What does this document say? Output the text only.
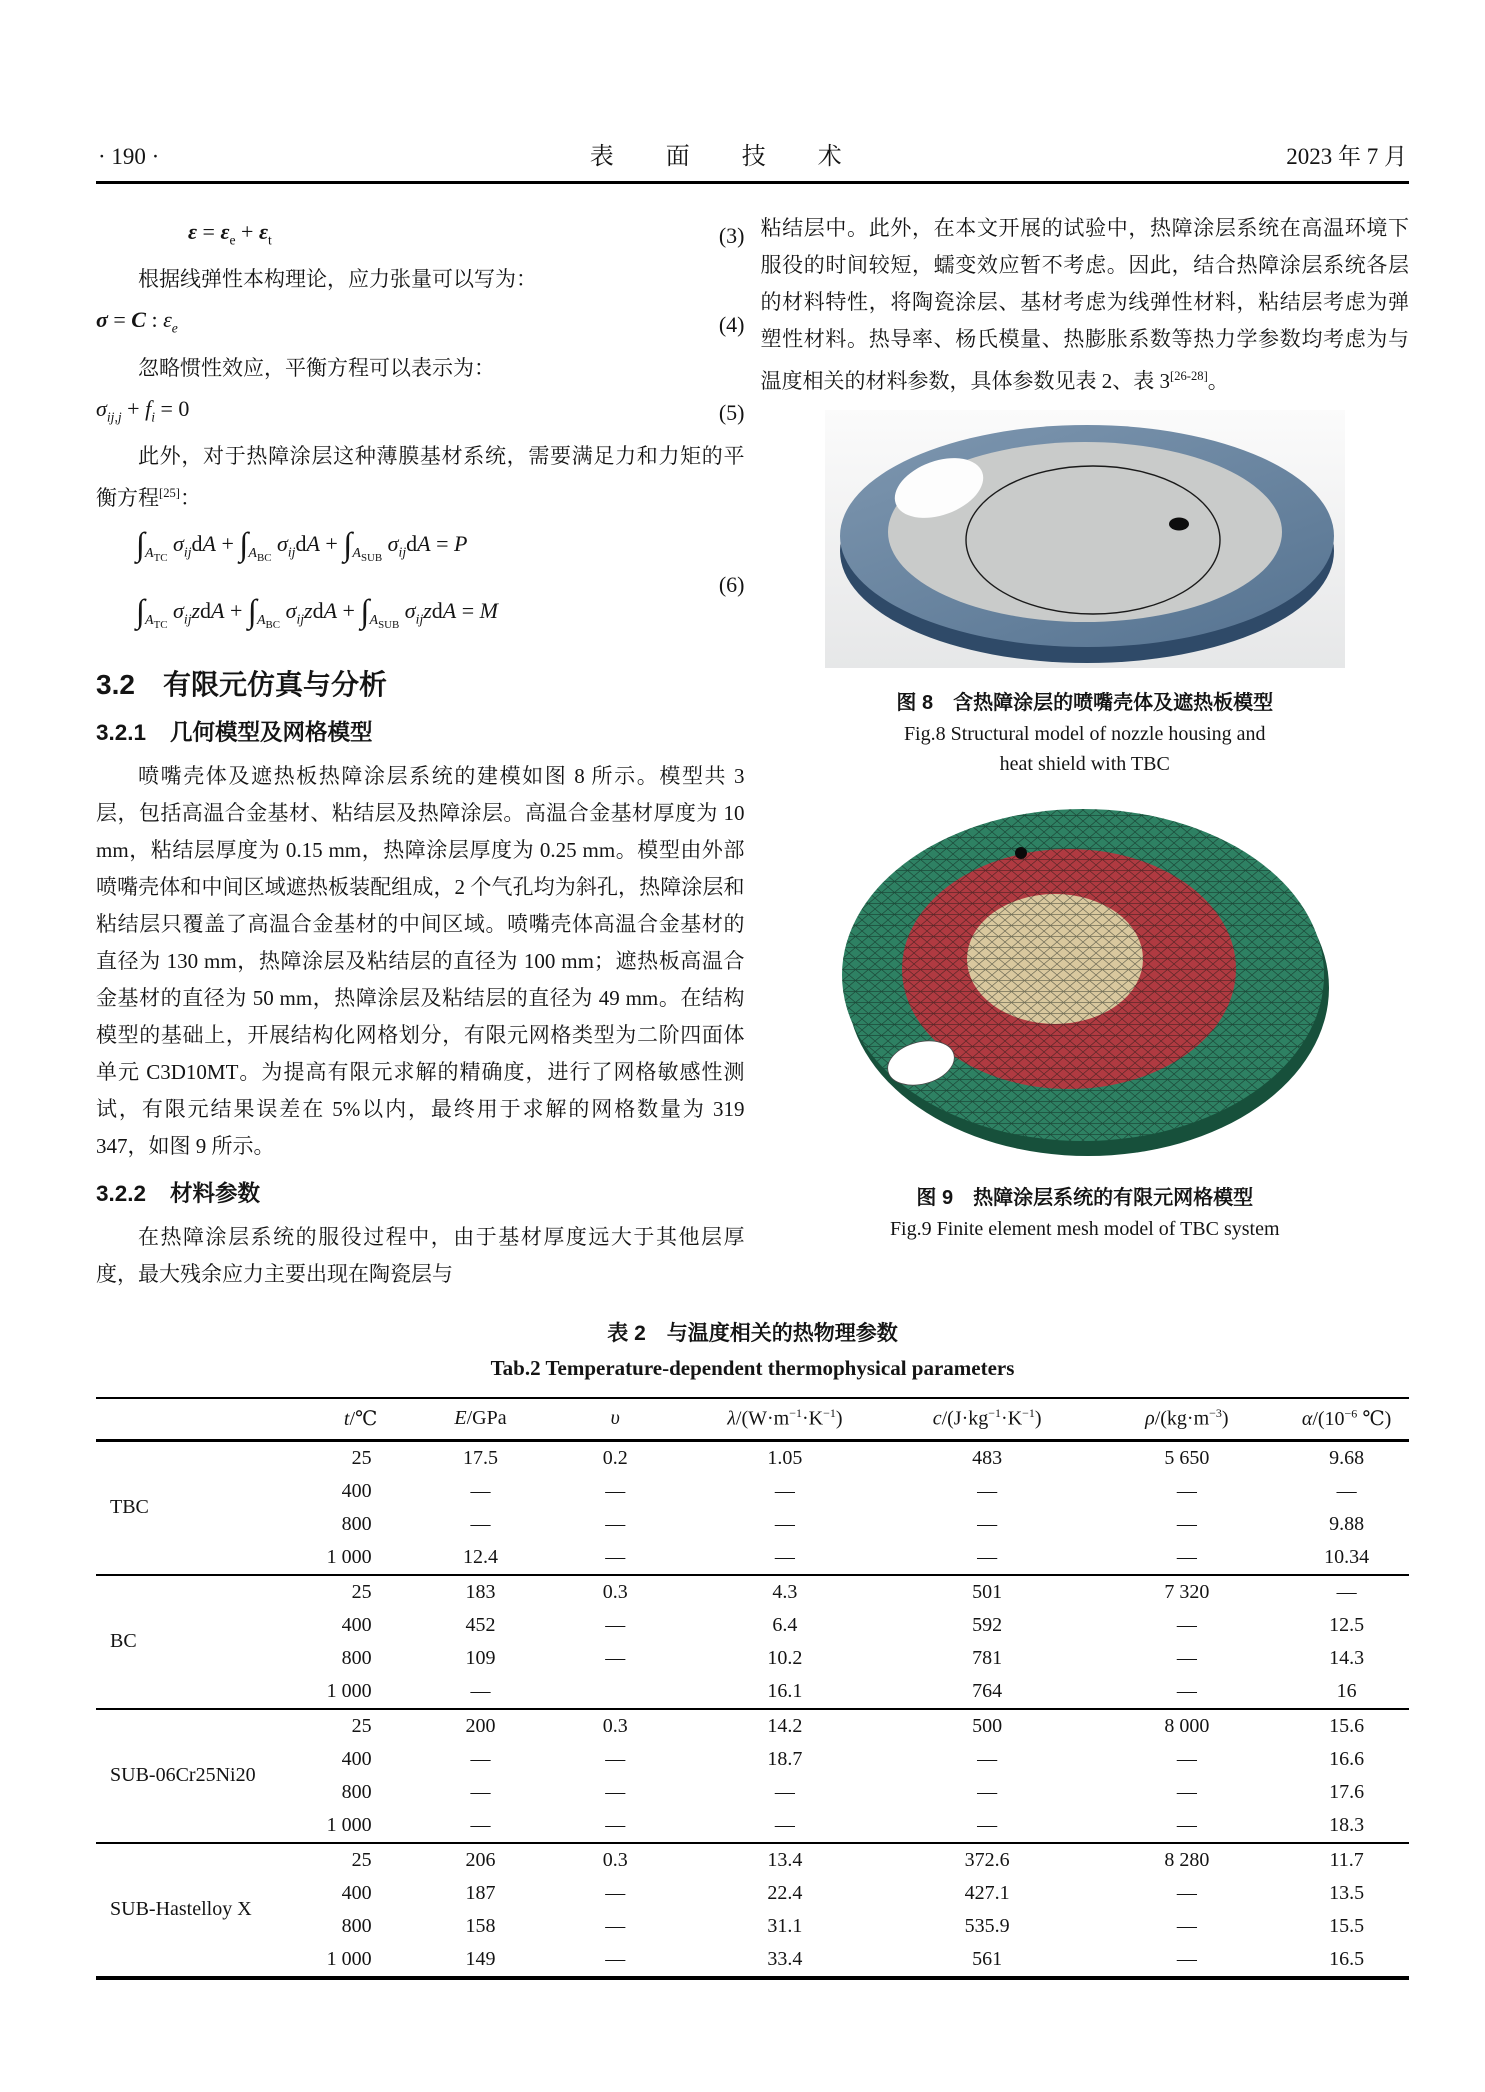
· 190 ·	表　面　技　术	2023 年 7 月
$\varepsilon = \varepsilon_e + \varepsilon_t$	(3)

根据线弹性本构理论，应力张量可以写为：

σ = C : $\varepsilon_e$	(4)

忽略惯性效应，平衡方程可以表示为：

$\sigma_{ij,j} + f_i = 0$	(5)

此外，对于热障涂层这种薄膜基材系统，需要满足力和力矩的平衡方程[25]：

$\int_{A_{TC}}$ $\sigma_{ij}dA + \int_{A_{BC}}$ $\sigma_{ij}dA + \int_{A_{SUB}}$ $\sigma_{ij}dA = P$
$\int_{A_{TC}}$ $\sigma_{ij}zdA + \int_{A_{BC}}$ $\sigma_{ij}zdA + \int_{A_{SUB}}$ $\sigma_{ij}zdA = M$
(6)
3.2 有限元仿真与分析
3.2.1 几何模型及网格模型

喷嘴壳体及遮热板热障涂层系统的建模如图 8 所示。模型共 3 层，包括高温合金基材、粘结层及热障涂层。高温合金基材厚度为 10 mm，粘结层厚度为 0.15 mm，热障涂层厚度为 0.25 mm。模型由外部喷嘴壳体和中间区域遮热板装配组成，2 个气孔均为斜孔，热障涂层和粘结层只覆盖了高温合金基材的中间区域。喷嘴壳体高温合金基材的直径为 130 mm，热障涂层及粘结层的直径为 100 mm；遮热板高温合金基材的直径为 50 mm，热障涂层及粘结层的直径为 49 mm。在结构模型的基础上，开展结构化网格划分，有限元网格类型为二阶四面体单元 C3D10MT。为提高有限元求解的精确度，进行了网格敏感性测试，有限元结果误差在 5%以内，最终用于求解的网格数量为 319 347，如图 9 所示。

3.2.2 材料参数

在热障涂层系统的服役过程中，由于基材厚度远大于其他层厚度，最大残余应力主要出现在陶瓷层与

粘结层中。此外，在本文开展的试验中，热障涂层系统在高温环境下服役的时间较短，蠕变效应暂不考虑。因此，结合热障涂层系统各层的材料特性，将陶瓷涂层、基材考虑为线弹性材料，粘结层考虑为弹塑性材料。热导率、杨氏模量、热膨胀系数等热力学参数均考虑为与温度相关的材料参数，具体参数见表 2、表 3[26-28]。

图 8　含热障涂层的喷嘴壳体及遮热板模型
Fig.8 Structural model of nozzle housing and
heat shield with TBC
图 9　热障涂层系统的有限元网格模型
Fig.9 Finite element mesh model of TBC system
表 2　与温度相关的热物理参数
Tab.2 Temperature-dependent thermophysical parameters
	t/℃	E/GPa	υ	$\lambda/(W\cdot m^{-1}\cdot K^{-1})$	$c/(J\cdot kg^{-1}\cdot K^{-1})$	$\rho/(kg\cdot m^{-3})$	$\alpha/(10^{-6}$ ℃)
TBC	25	17.5	0.2	1.05	483	5 650	9.68
	400	—	—	—	—	—	—
	800	—	—	—	—	—	9.88
	1 000	12.4	—	—	—	—	10.34
BC	25	183	0.3	4.3	501	7 320	—
	400	452	—	6.4	592	—	12.5
	800	109	—	10.2	781	—	14.3
	1 000	—		16.1	764	—	16
SUB-06Cr25Ni20	25	200	0.3	14.2	500	8 000	15.6
	400	—	—	18.7	—	—	16.6
	800	—	—	—	—	—	17.6
	1 000	—	—	—	—	—	18.3
SUB-Hastelloy X	25	206	0.3	13.4	372.6	8 280	11.7
	400	187	—	22.4	427.1	—	13.5
	800	158	—	31.1	535.9	—	15.5
	1 000	149	—	33.4	561	—	16.5
